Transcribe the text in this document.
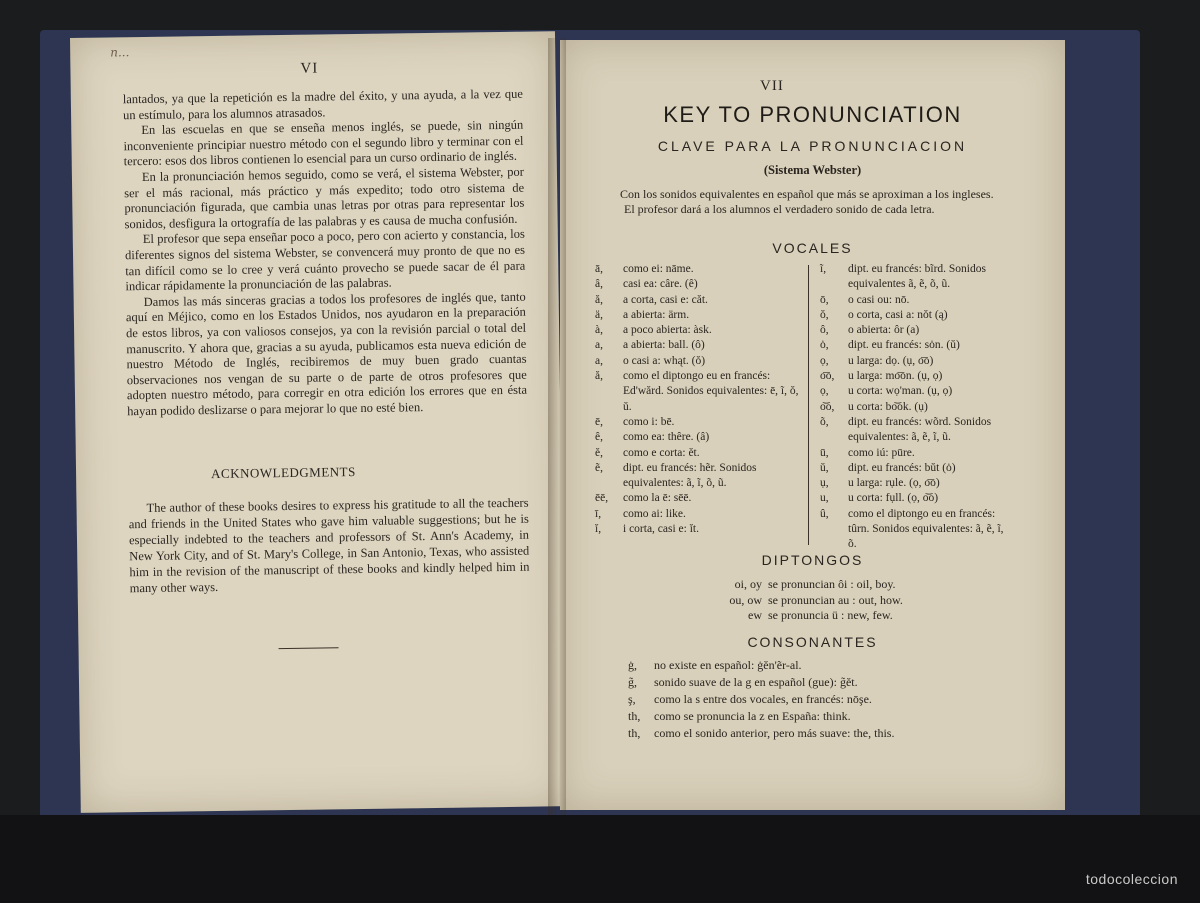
n...
VI

lantados, ya que la repetición es la madre del éxito, y una ayuda, a la vez que un estímulo, para los alumnos atrasados.

En las escuelas en que se enseña menos inglés, se puede, sin ningún inconveniente principiar nuestro método con el segundo libro y terminar con el tercero: esos dos libros contienen lo esencial para un curso ordinario de inglés.

En la pronunciación hemos seguido, como se verá, el sistema Webster, por ser el más racional, más práctico y más expedito; todo otro sistema de pronunciación figurada, que cambia unas letras por otras para representar los sonidos, desfigura la ortografía de las palabras y es causa de mucha confusión.

El profesor que sepa enseñar poco a poco, pero con acierto y constancia, los diferentes signos del sistema Webster, se convencerá muy pronto de que no es tan difícil como se lo cree y verá cuánto provecho se puede sacar de él para indicar rápidamente la pronunciación de las palabras.

Damos las más sinceras gracias a todos los profesores de inglés que, tanto aquí en Méjico, como en los Estados Unidos, nos ayudaron en la preparación de estos libros, ya con valiosos consejos, ya con la revisión parcial o total del manuscrito. Y ahora que, gracias a su ayuda, publicamos esta nueva edición de nuestro Método de Inglés, recibiremos de muy buen grado cuantas observaciones nos vengan de su parte o de parte de otros profesores que adopten nuestro método, para corregir en otra edición los errores que en ésta hayan podido deslizarse o para mejorar lo que no esté bien.

ACKNOWLEDGMENTS

The author of these books desires to express his gratitude to all the teachers and friends in the United States who gave him valuable suggestions; but he is especially indebted to the teachers and professors of St. Ann's Academy, in New York City, and of St. Mary's College, in San Antonio, Texas, who assisted him in the revision of the manuscript of these books and kindly helped him in many other ways.

VII
KEY TO PRONUNCIATION
CLAVE PARA LA PRONUNCIACION
(Sistema Webster)

Con los sonidos equivalentes en español que más se aproximan a los ingleses.

El profesor dará a los alumnos el verdadero sonido de cada letra.

VOCALES
ā,	como ei: nāme.
â,	casi ea: câre. (ê)
ă,	a corta, casi e: căt.
ä,	a abierta: ärm.
à,	a poco abierta: àsk.
a,	a abierta: ball. (ô)
a,	o casi a: whąt. (ŏ)
ă,	como el diptongo eu en francés: Ed'wărd. Sonidos equivalentes: ē, ĩ, ŏ, ŭ.
ē,	como i: bē.
ê,	como ea: thêre. (â)
ĕ,	como e corta: ĕt.
ẽ,	dipt. eu francés: hẽr. Sonidos equivalentes: ã, ĩ, õ, ũ.
ēē,	como la ē: sēē.
ī,	como ai: like.
ĭ,	i corta, casi e: ĭt.
ĩ,	dipt. eu francés: bĩrd. Sonidos equivalentes ã, ẽ, õ, ũ.
ō,	o casi ou: nō.
ŏ,	o corta, casi a: nŏt (ą)
ô,	o abierta: ôr (a)
ȯ,	dipt. eu francés: sȯn. (ŭ)
ọ,	u larga: dọ. (ụ, o͞o)
o͞o,	u larga: mo͞on. (ụ, ọ)
ọ,	u corta: wọ'man. (ụ, ọ)
o͝o,	u corta: bo͝ok. (ụ)
õ,	dipt. eu francés: wõrd. Sonidos equivalentes: ã, ẽ, ĩ, ũ.
ū,	como iú: pūre.
ŭ,	dipt. eu francés: bŭt (ȯ)
ụ,	u larga: rụle. (ọ, o͞o)
u,	u corta: fụll. (ọ, o͝o)
û,	como el diptongo eu en francés: tûrn. Sonidos equivalentes: ã, ẽ, ĩ, õ.
DIPTONGOS
oi, oy se pronuncian ôi : oil, boy.
ou, ow se pronuncian au : out, how.
ew se pronuncia ü : new, few.
CONSONANTES
ġ,	no existe en español: ġĕn'ẽr-al.
g̃,	sonido suave de la g en español (gue): g̃ĕt.
ş,	como la s entre dos vocales, en francés: nōşe.
th,	como se pronuncia la z en España: think.
th,	como el sonido anterior, pero más suave: the, this.
todocoleccion
